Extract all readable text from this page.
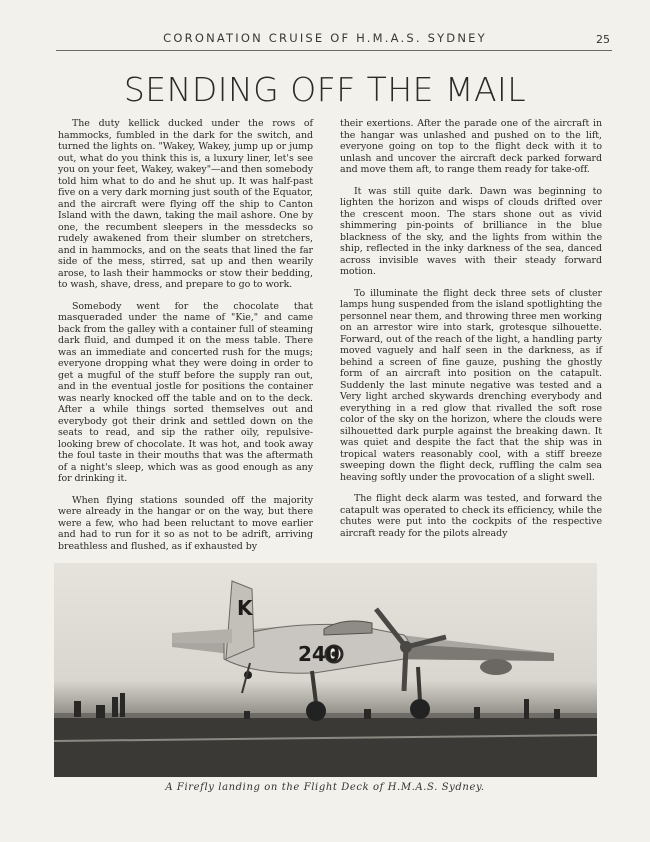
CORONATION CRUISE OF H.M.A.S. SYDNEY	25
SENDING OFF THE MAIL

The duty kellick ducked under the rows of hammocks, fumbled in the dark for the switch, and turned the lights on. "Wakey, Wakey, jump up or jump out, what do you think this is, a luxury liner, let's see you on your feet, Wakey, wakey"—and then somebody told him what to do and he shut up. It was half-past five on a very dark morning just south of the Equator, and the aircraft were flying off the ship to Canton Island with the dawn, taking the mail ashore. One by one, the recumbent sleepers in the messdecks so rudely awakened from their slumber on stretchers, and in hammocks, and on the seats that lined the far side of the mess, stirred, sat up and then wearily arose, to lash their hammocks or stow their bedding, to wash, shave, dress, and prepare to go to work.

Somebody went for the chocolate that masqueraded under the name of "Kie," and came back from the galley with a container full of steaming dark fluid, and dumped it on the mess table. There was an immediate and concerted rush for the mugs; everyone dropping what they were doing in order to get a mugful of the stuff before the supply ran out, and in the eventual jostle for positions the container was nearly knocked off the table and on to the deck. After a while things sorted themselves out and everybody got their drink and settled down on the seats to read, and sip the rather oily, repulsive-looking brew of chocolate. It was hot, and took away the foul taste in their mouths that was the aftermath of a night's sleep, which was as good enough as any for drinking it.

When flying stations sounded off the majority were already in the hangar or on the way, but there were a few, who had been reluctant to move earlier and had to run for it so as not to be adrift, arriving breathless and flushed, as if exhausted by

their exertions. After the parade one of the aircraft in the hangar was unlashed and pushed on to the lift, everyone going on top to the flight deck with it to unlash and uncover the aircraft deck parked forward and move them aft, to range them ready for take-off.

It was still quite dark. Dawn was beginning to lighten the horizon and wisps of clouds drifted over the crescent moon. The stars shone out as vivid shimmering pin-points of brilliance in the blue blackness of the sky, and the lights from within the ship, reflected in the inky darkness of the sea, danced across invisible waves with their steady forward motion.

To illuminate the flight deck three sets of cluster lamps hung suspended from the island spotlighting the personnel near them, and throwing three men working on an arrestor wire into stark, grotesque silhouette. Forward, out of the reach of the light, a handling party moved vaguely and half seen in the darkness, as if behind a screen of fine gauze, pushing the ghostly form of an aircraft into position on the catapult. Suddenly the last minute negative was tested and a Very light arched skywards drenching everybody and everything in a red glow that rivalled the soft rose color of the sky on the horizon, where the clouds were silhouetted dark purple against the breaking dawn. It was quiet and despite the fact that the ship was in tropical waters reasonably cool, with a stiff breeze sweeping down the flight deck, ruffling the calm sea heaving softly under the provocation of a slight swell.

The flight deck alarm was tested, and forward the catapult was operated to check its efficiency, while the chutes were put into the cockpits of the respective aircraft ready for the pilots already

K
240
A Firefly landing on the Flight Deck of H.M.A.S. Sydney.
